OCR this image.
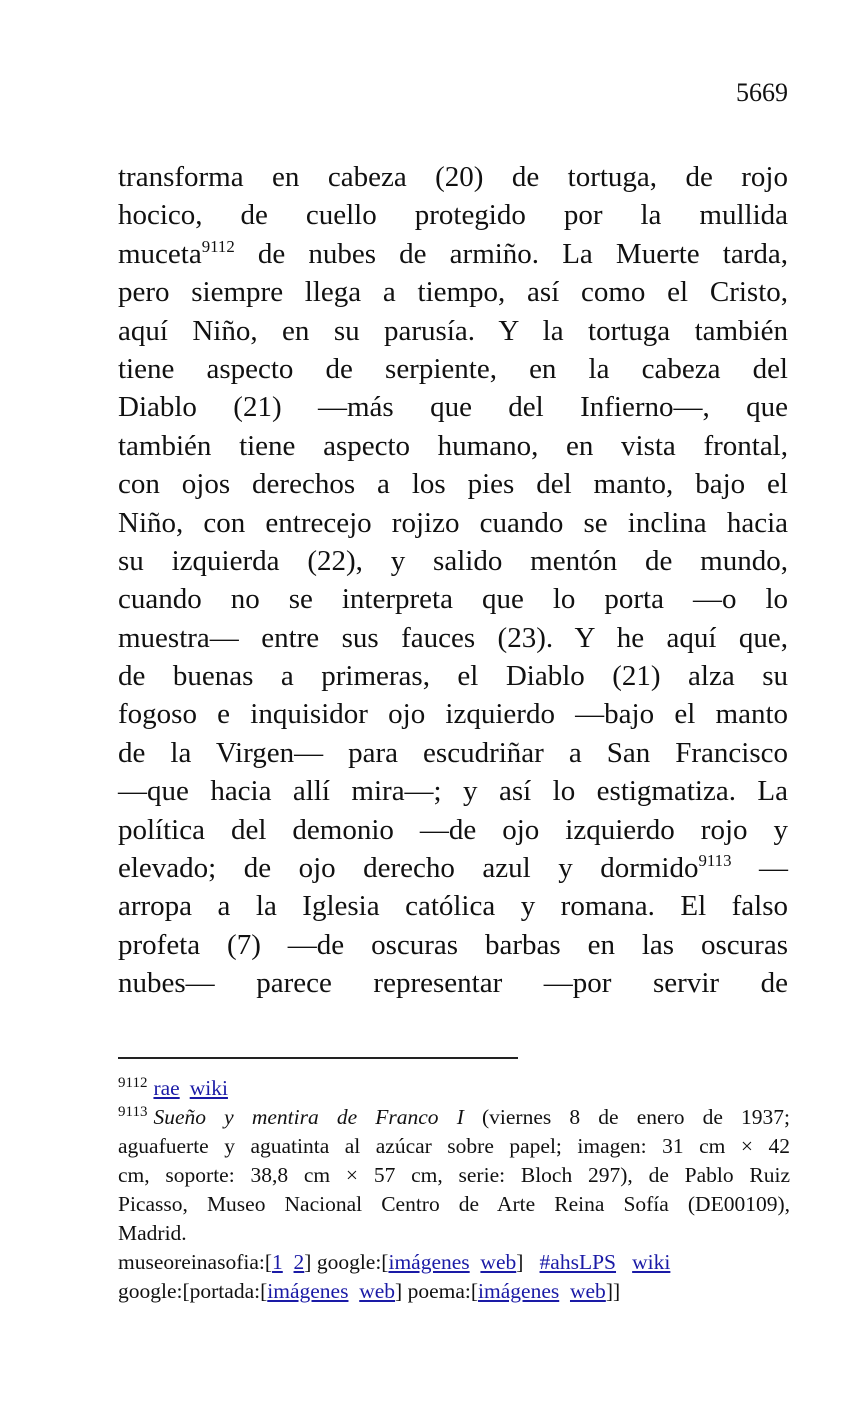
5669
transforma en cabeza (20) de tortuga, de rojo
hocico, de cuello protegido por la mullida
muceta$^{9112}$ de nubes de armiño. La Muerte tarda,
pero siempre llega a tiempo, así como el Cristo,
aquí Niño, en su parusía. Y la tortuga también
tiene aspecto de serpiente, en la cabeza del
Diablo (21) —más que del Infierno—, que
también tiene aspecto humano, en vista frontal,
con ojos derechos a los pies del manto, bajo el
Niño, con entrecejo rojizo cuando se inclina hacia
su izquierda (22), y salido mentón de mundo,
cuando no se interpreta que lo porta —o lo
muestra— entre sus fauces (23). Y he aquí que,
de buenas a primeras, el Diablo (21) alza su
fogoso e inquisidor ojo izquierdo —bajo el manto
de la Virgen— para escudriñar a San Francisco
—que hacia allí mira—; y así lo estigmatiza. La
política del demonio —de ojo izquierdo rojo y
elevado; de ojo derecho azul y dormido$^{9113}$ —
arropa a la Iglesia católica y romana. El falso
profeta (7) —de oscuras barbas en las oscuras
nubes— parece representar —por servir de
$^{9112}$ rae wiki
$^{9113}$ Sueño y mentira de Franco I (viernes 8 de enero de 1937;
aguafuerte y aguatinta al azúcar sobre papel; imagen: 31 cm × 42
cm, soporte: 38,8 cm × 57 cm, serie: Bloch 297), de Pablo Ruiz
Picasso, Museo Nacional Centro de Arte Reina Sofía (DE00109),
Madrid.
museoreinasofia:[1 2] google:[imágenes web] #ahsLPS wiki
google:[portada:[imágenes web] poema:[imágenes web]]
